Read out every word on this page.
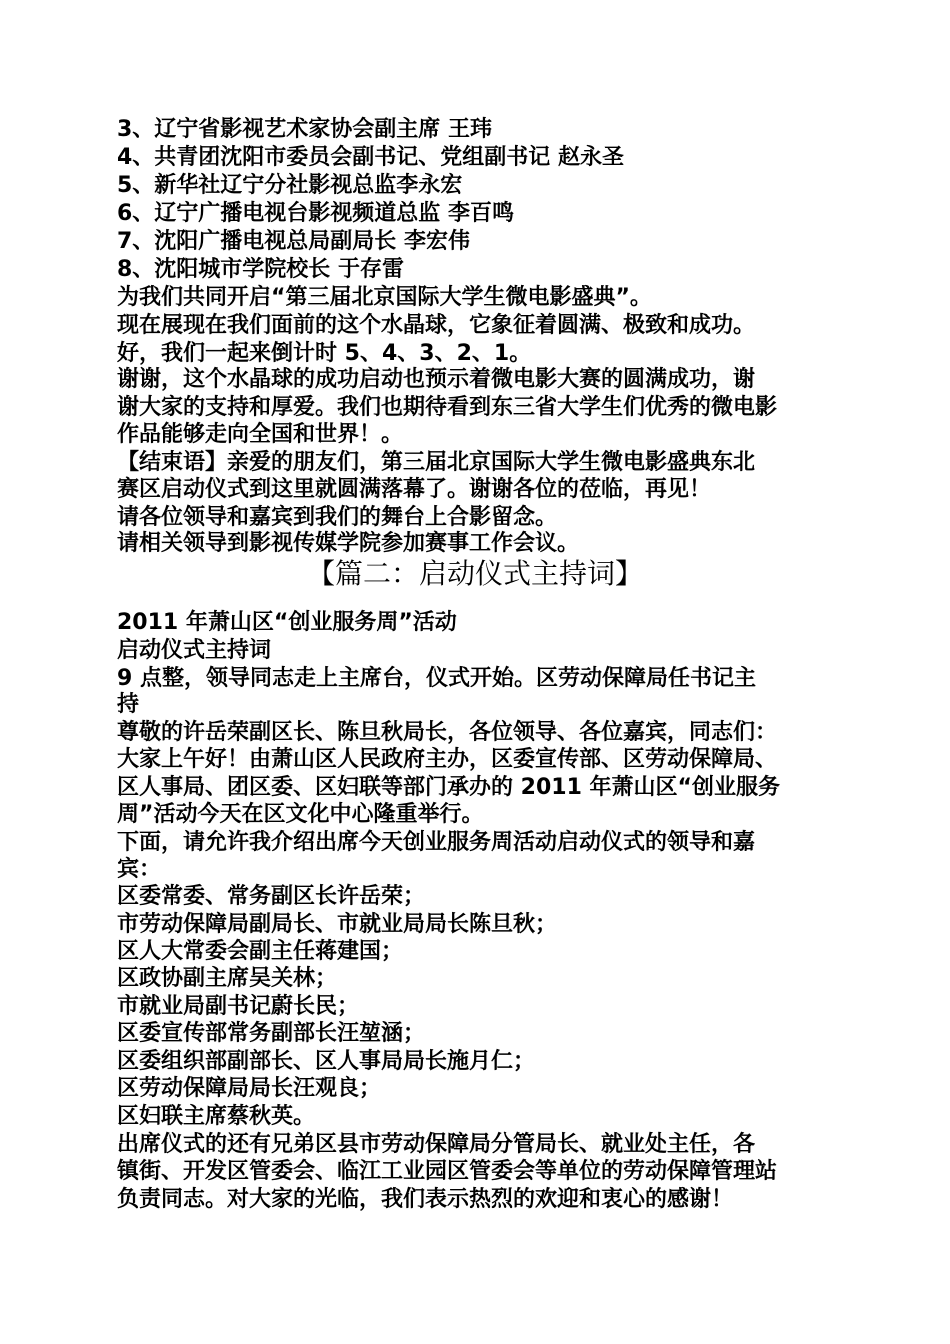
3、辽宁省影视艺术家协会副主席 王玮
4、共青团沈阳市委员会副书记、党组副书记 赵永圣
5、新华社辽宁分社影视总监李永宏
6、辽宁广播电视台影视频道总监 李百鸣
7、沈阳广播电视总局副局长 李宏伟
8、沈阳城市学院校长 于存雷
为我们共同开启“第三届北京国际大学生微电影盛典”。
现在展现在我们面前的这个水晶球，它象征着圆满、极致和成功。
好，我们一起来倒计时 5、4、3、2、1。
谢谢，这个水晶球的成功启动也预示着微电影大赛的圆满成功，谢
谢大家的支持和厚爱。我们也期待看到东三省大学生们优秀的微电影
作品能够走向全国和世界！。
【结束语】亲爱的朋友们，第三届北京国际大学生微电影盛典东北
赛区启动仪式到这里就圆满落幕了。谢谢各位的莅临，再见！
请各位领导和嘉宾到我们的舞台上合影留念。
请相关领导到影视传媒学院参加赛事工作会议。
【篇二：启动仪式主持词】
2011 年萧山区“创业服务周”活动
启动仪式主持词
9 点整，领导同志走上主席台，仪式开始。区劳动保障局任书记主
持
尊敬的许岳荣副区长、陈旦秋局长，各位领导、各位嘉宾，同志们：
大家上午好！由萧山区人民政府主办，区委宣传部、区劳动保障局、
区人事局、团区委、区妇联等部门承办的 2011 年萧山区“创业服务
周”活动今天在区文化中心隆重举行。
下面，请允许我介绍出席今天创业服务周活动启动仪式的领导和嘉
宾：
区委常委、常务副区长许岳荣；
市劳动保障局副局长、市就业局局长陈旦秋；
区人大常委会副主任蒋建国；
区政协副主席吴关林；
市就业局副书记蔚长民；
区委宣传部常务副部长汪堃涵；
区委组织部副部长、区人事局局长施月仁；
区劳动保障局局长汪观良；
区妇联主席蔡秋英。
出席仪式的还有兄弟区县市劳动保障局分管局长、就业处主任，各
镇街、开发区管委会、临江工业园区管委会等单位的劳动保障管理站
负责同志。对大家的光临，我们表示热烈的欢迎和衷心的感谢！
